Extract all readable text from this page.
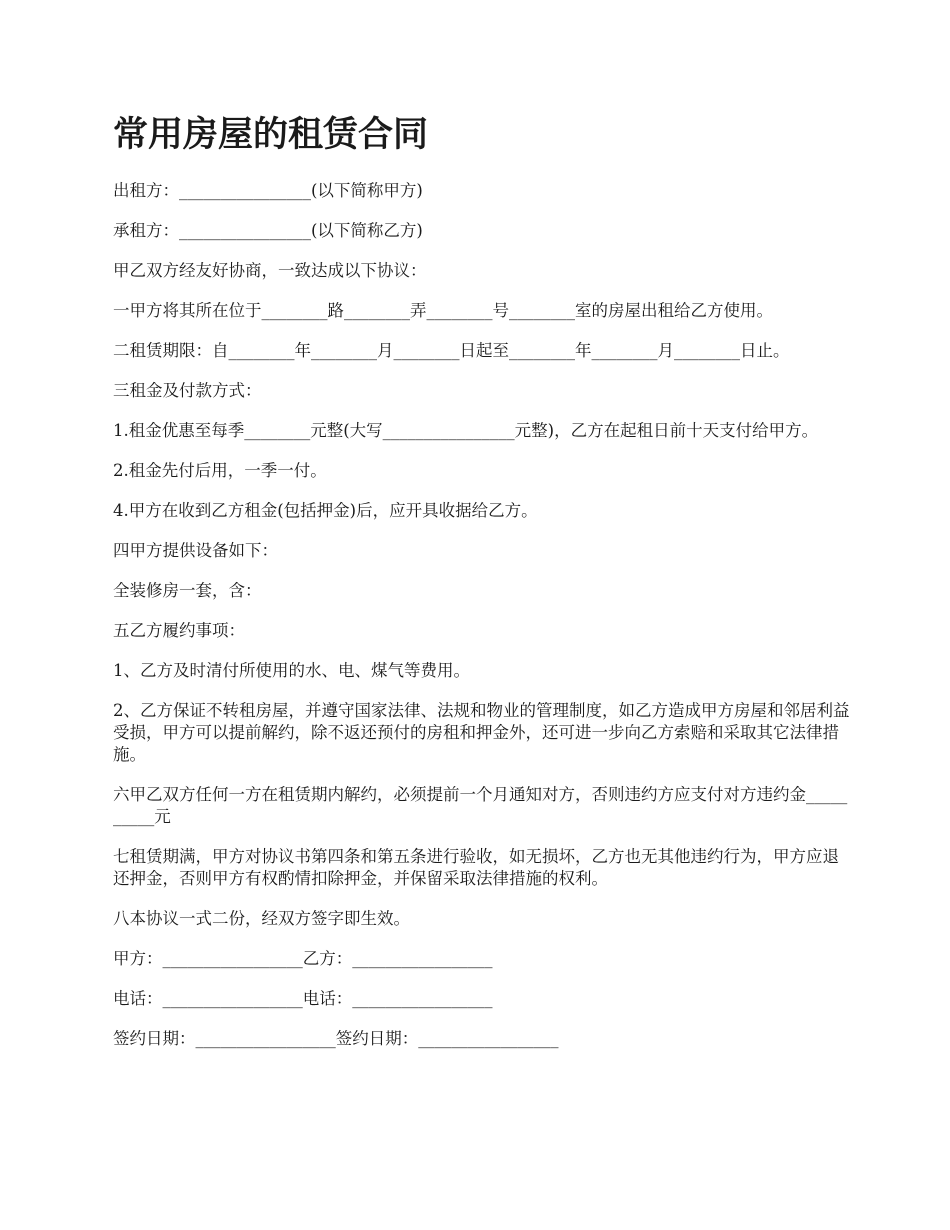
常用房屋的租赁合同

出租方：________________(以下简称甲方)

承租方：________________(以下简称乙方)

甲乙双方经友好协商，一致达成以下协议：

一甲方将其所在位于________路________弄________号________室的房屋出租给乙方使用。

二租赁期限：自________年________月________日起至________年________月________日止。

三租金及付款方式：

1.租金优惠至每季________元整(大写________________元整)，乙方在起租日前十天支付给甲方。

2.租金先付后用，一季一付。

4.甲方在收到乙方租金(包括押金)后，应开具收据给乙方。

四甲方提供设备如下：

全装修房一套，含：

五乙方履约事项：

1、乙方及时清付所使用的水、电、煤气等费用。

2、乙方保证不转租房屋，并遵守国家法律、法规和物业的管理制度，如乙方造成甲方房屋和邻居利益受损，甲方可以提前解约，除不返还预付的房租和押金外，还可进一步向乙方索赔和采取其它法律措施。

六甲乙双方任何一方在租赁期内解约，必须提前一个月通知对方，否则违约方应支付对方违约金__________元

七租赁期满，甲方对协议书第四条和第五条进行验收，如无损坏，乙方也无其他违约行为，甲方应退还押金，否则甲方有权酌情扣除押金，并保留采取法律措施的权利。

八本协议一式二份，经双方签字即生效。

甲方：_________________乙方：_________________

电话：_________________电话：_________________

签约日期：_________________签约日期：_________________
